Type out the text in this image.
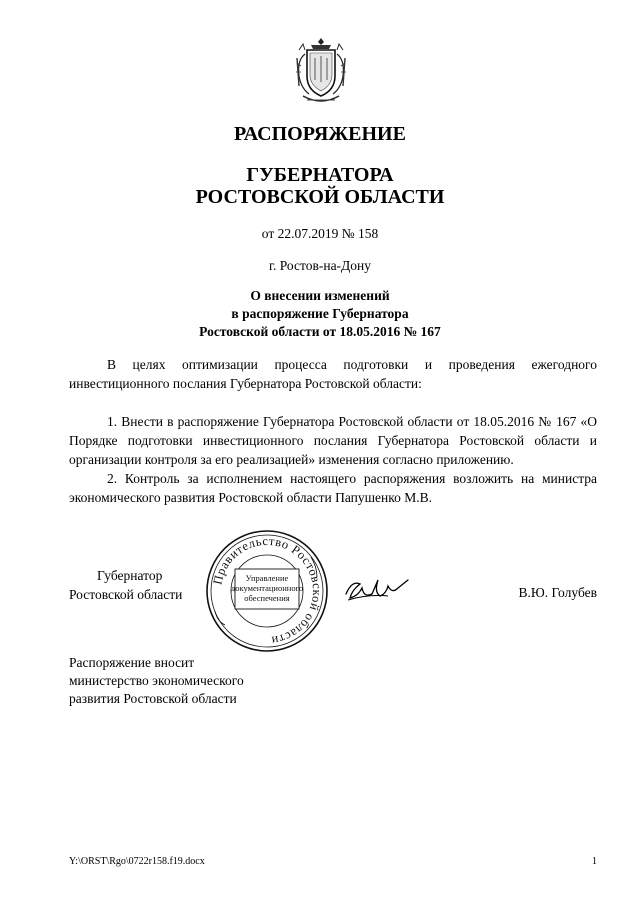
РАСПОРЯЖЕНИЕ
ГУБЕРНАТОРА
РОСТОВСКОЙ ОБЛАСТИ
от 22.07.2019 № 158
г. Ростов-на-Дону
О внесении изменений
в распоряжение Губернатора
Ростовской области от 18.05.2016 № 167

В целях оптимизации процесса подготовки и проведения ежегодного инвестиционного послания Губернатора Ростовской области:

1. Внести в распоряжение Губернатора Ростовской области от 18.05.2016 № 167 «О Порядке подготовки инвестиционного послания Губернатора Ростовской области и организации контроля за его реализацией» изменения согласно приложению.

2. Контроль за исполнением настоящего распоряжения возложить на министра экономического развития Ростовской области Папушенко М.В.

Губернатор
Ростовской области
Правительство Ростовской области
Управление
документационного
обеспечения	В.Ю. Голубев
Распоряжение вносит
министерство экономического
развития Ростовской области
Y:\ORST\Rgo\0722r158.f19.docx	1
